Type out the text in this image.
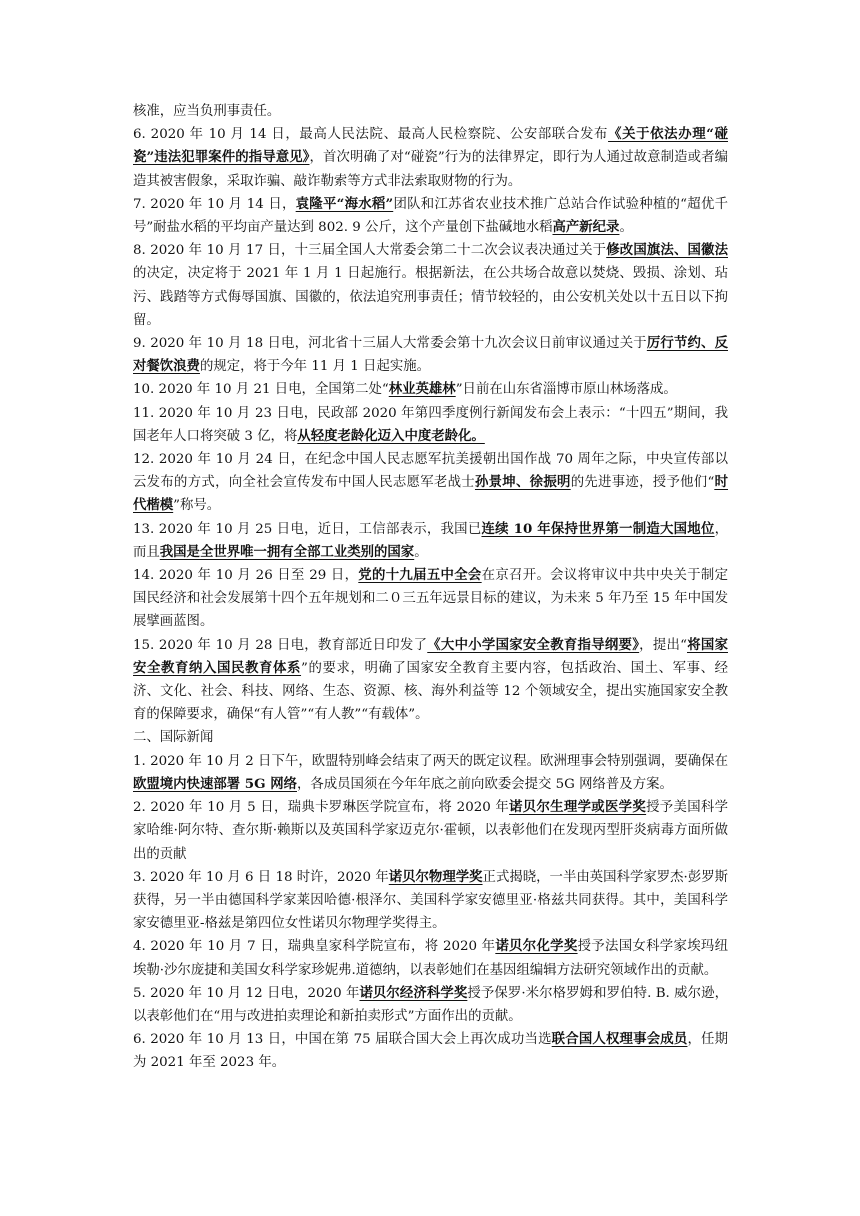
核准，应当负刑事责任。

6. 2020 年 10 月 14 日，最高人民法院、最高人民检察院、公安部联合发布《关于依法办理“碰瓷”违法犯罪案件的指导意见》，首次明确了对“碰瓷”行为的法律界定，即行为人通过故意制造或者编造其被害假象，采取诈骗、敲诈勒索等方式非法索取财物的行为。

7. 2020 年 10 月 14 日，袁隆平“海水稻”团队和江苏省农业技术推广总站合作试验种植的“超优千号”耐盐水稻的平均亩产量达到 802. 9 公斤，这个产量创下盐碱地水稻高产新纪录。

8. 2020 年 10 月 17 日，十三届全国人大常委会第二十二次会议表决通过关于修改国旗法、国徽法的决定，决定将于 2021 年 1 月 1 日起施行。根据新法，在公共场合故意以焚烧、毁损、涂划、玷污、践踏等方式侮辱国旗、国徽的，依法追究刑事责任；情节较轻的，由公安机关处以十五日以下拘留。

9. 2020 年 10 月 18 日电，河北省十三届人大常委会第十九次会议日前审议通过关于厉行节约、反对餐饮浪费的规定，将于今年 11 月 1 日起实施。

10. 2020 年 10 月 21 日电，全国第二处“林业英雄林”日前在山东省淄博市原山林场落成。

11. 2020 年 10 月 23 日电，民政部 2020 年第四季度例行新闻发布会上表示：“十四五”期间，我国老年人口将突破 3 亿，将从轻度老龄化迈入中度老龄化。

12. 2020 年 10 月 24 日，在纪念中国人民志愿军抗美援朝出国作战 70 周年之际，中央宣传部以云发布的方式，向全社会宣传发布中国人民志愿军老战士孙景坤、徐振明的先进事迹，授予他们“时代楷模”称号。

13. 2020 年 10 月 25 日电，近日，工信部表示，我国已连续 10 年保持世界第一制造大国地位，而且我国是全世界唯一拥有全部工业类别的国家。

14. 2020 年 10 月 26 日至 29 日，党的十九届五中全会在京召开。会议将审议中共中央关于制定国民经济和社会发展第十四个五年规划和二０三五年远景目标的建议，为未来 5 年乃至 15 年中国发展擘画蓝图。

15. 2020 年 10 月 28 日电，教育部近日印发了《大中小学国家安全教育指导纲要》，提出“将国家安全教育纳入国民教育体系”的要求，明确了国家安全教育主要内容，包括政治、国土、军事、经济、文化、社会、科技、网络、生态、资源、核、海外利益等 12 个领域安全，提出实施国家安全教育的保障要求，确保“有人管”“有人教”“有载体”。

二、国际新闻

1. 2020 年 10 月 2 日下午，欧盟特别峰会结束了两天的既定议程。欧洲理事会特别强调，要确保在欧盟境内快速部署 5G 网络，各成员国须在今年年底之前向欧委会提交 5G 网络普及方案。

2. 2020 年 10 月 5 日，瑞典卡罗琳医学院宣布，将 2020 年诺贝尔生理学或医学奖授予美国科学家哈维·阿尔特、查尔斯·赖斯以及英国科学家迈克尔·霍顿，以表彰他们在发现丙型肝炎病毒方面所做出的贡献

3. 2020 年 10 月 6 日 18 时许，2020 年诺贝尔物理学奖正式揭晓，一半由英国科学家罗杰·彭罗斯获得，另一半由德国科学家莱因哈德·根泽尔、美国科学家安德里亚·格兹共同获得。其中，美国科学家安德里亚-格兹是第四位女性诺贝尔物理学奖得主。

4. 2020 年 10 月 7 日，瑞典皇家科学院宣布，将 2020 年诺贝尔化学奖授予法国女科学家埃玛纽埃勒·沙尔庞捷和美国女科学家珍妮弗.道德纳，以表彰她们在基因组编辑方法研究领域作出的贡献。

5. 2020 年 10 月 12 日电，2020 年诺贝尔经济科学奖授予保罗·米尔格罗姆和罗伯特. B. 威尔逊，以表彰他们在“用与改进拍卖理论和新拍卖形式”方面作出的贡献。

6. 2020 年 10 月 13 日，中国在第 75 届联合国大会上再次成功当选联合国人权理事会成员，任期为 2021 年至 2023 年。
